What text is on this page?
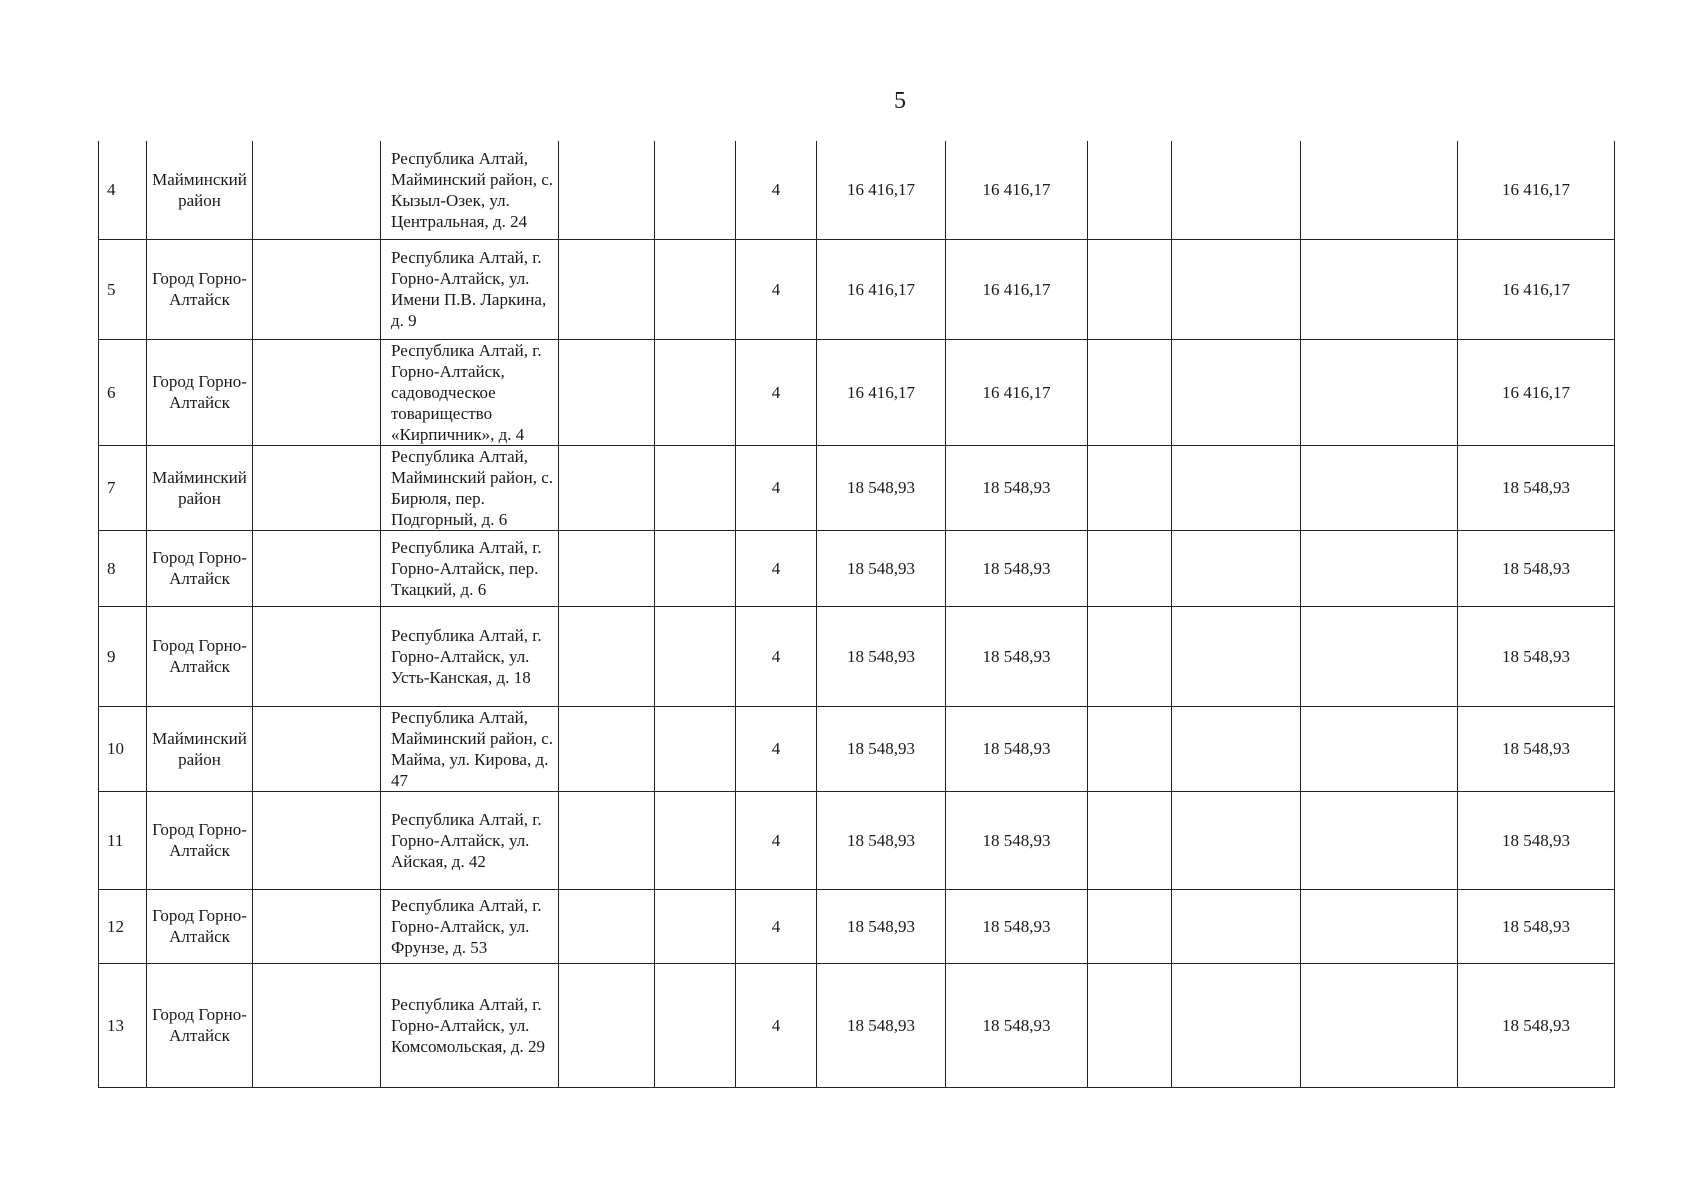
5
4	Майминский район		Республика Алтай, Майминский район, с. Кызыл-Озек, ул. Центральная, д. 24			4	16 416,17	16 416,17				16 416,17
5	Город Горно-Алтайск		Республика Алтай, г. Горно-Алтайск, ул. Имени П.В. Ларкина, д. 9			4	16 416,17	16 416,17				16 416,17
6	Город Горно-Алтайск		Республика Алтай, г. Горно-Алтайск, садоводческое товарищество «Кирпичник», д. 4			4	16 416,17	16 416,17				16 416,17
7	Майминский район		Республика Алтай, Майминский район, с. Бирюля, пер. Подгорный, д. 6			4	18 548,93	18 548,93				18 548,93
8	Город Горно-Алтайск		Республика Алтай, г. Горно-Алтайск, пер. Ткацкий, д. 6			4	18 548,93	18 548,93				18 548,93
9	Город Горно-Алтайск		Республика Алтай, г. Горно-Алтайск, ул. Усть-Канская, д. 18			4	18 548,93	18 548,93				18 548,93
10	Майминский район		Республика Алтай, Майминский район, с. Майма, ул. Кирова, д. 47			4	18 548,93	18 548,93				18 548,93
11	Город Горно-Алтайск		Республика Алтай, г. Горно-Алтайск, ул. Айская, д. 42			4	18 548,93	18 548,93				18 548,93
12	Город Горно-Алтайск		Республика Алтай, г. Горно-Алтайск, ул. Фрунзе, д. 53			4	18 548,93	18 548,93				18 548,93
13	Город Горно-Алтайск		Республика Алтай, г. Горно-Алтайск, ул. Комсомольская, д. 29			4	18 548,93	18 548,93				18 548,93
